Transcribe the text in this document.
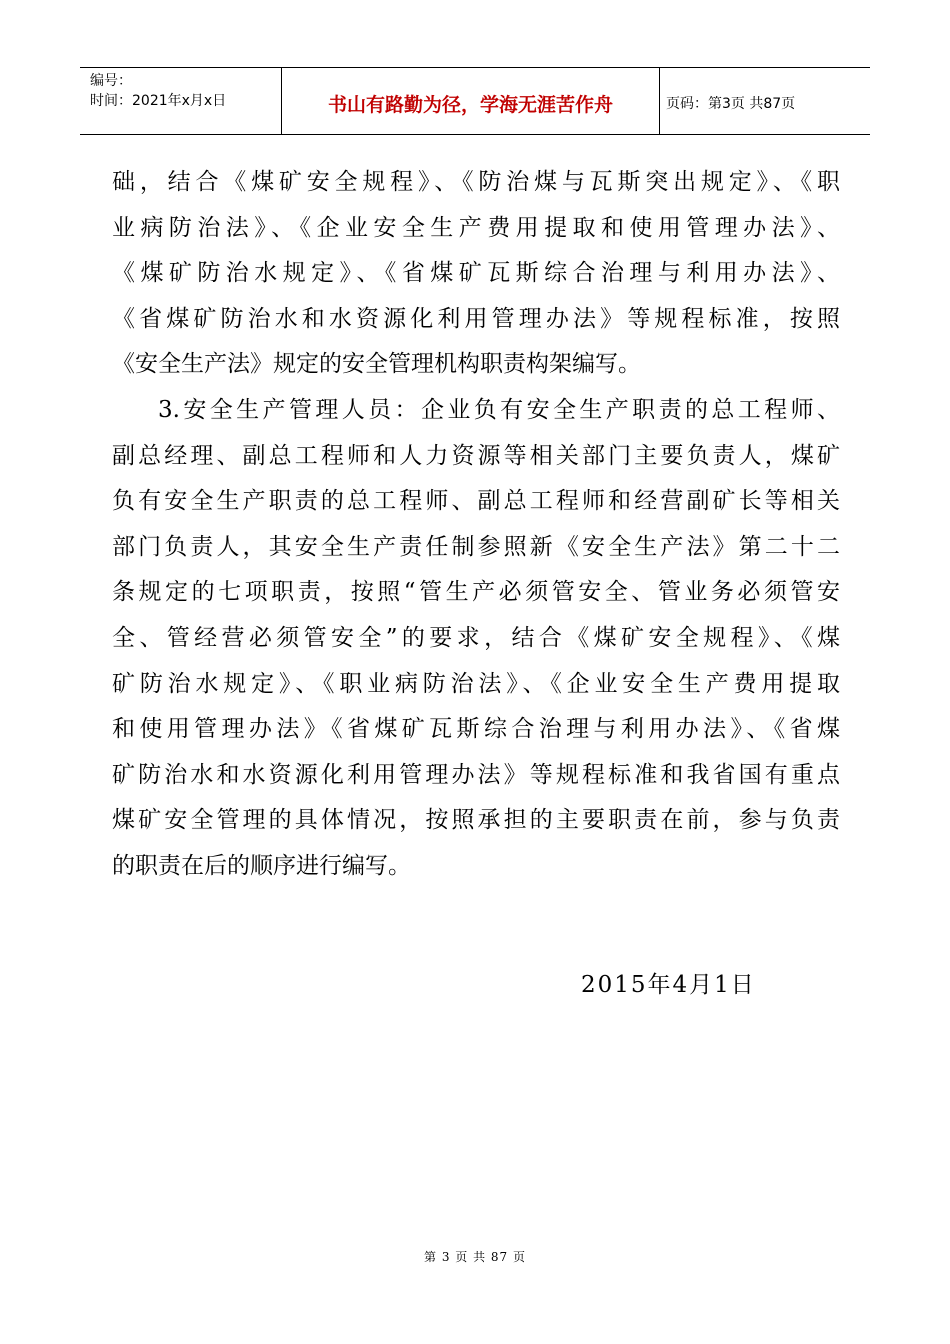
编号：
时间：2021年x月x日	书山有路勤为径，学海无涯苦作舟	页码：第3页 共87页
础，结合《煤矿安全规程》、《防治煤与瓦斯突出规定》、《职
业病防治法》、《企业安全生产费用提取和使用管理办法》、
《煤矿防治水规定》、《省煤矿瓦斯综合治理与利用办法》、
《省煤矿防治水和水资源化利用管理办法》等规程标准，按照
《安全生产法》规定的安全管理机构职责构架编写。
3.安全生产管理人员：企业负有安全生产职责的总工程师、
副总经理、副总工程师和人力资源等相关部门主要负责人，煤矿
负有安全生产职责的总工程师、副总工程师和经营副矿长等相关
部门负责人，其安全生产责任制参照新《安全生产法》第二十二
条规定的七项职责，按照“管生产必须管安全、管业务必须管安
全、管经营必须管安全”的要求，结合《煤矿安全规程》、《煤
矿防治水规定》、《职业病防治法》、《企业安全生产费用提取
和使用管理办法》《省煤矿瓦斯综合治理与利用办法》、《省煤
矿防治水和水资源化利用管理办法》等规程标准和我省国有重点
煤矿安全管理的具体情况，按照承担的主要职责在前，参与负责
的职责在后的顺序进行编写。
2015年4月1日
第 3 页 共 87 页
